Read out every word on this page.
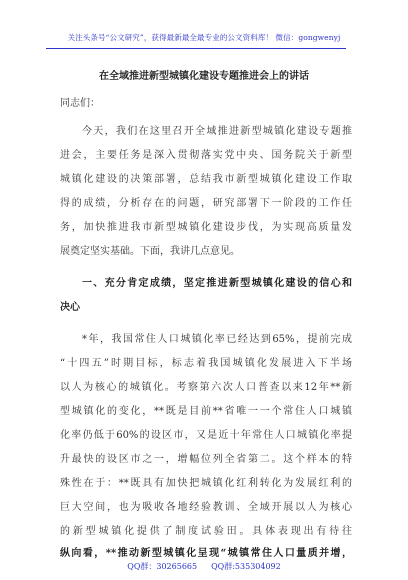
关注头条号“公文研究”，获得最新最全最专业的公文资料库！ 微信：gongwenyj
在全域推进新型城镇化建设专题推进会上的讲话
同志们：
今天，我们在这里召开全域推进新型城镇化建设专题推
进会，主要任务是深入贯彻落实党中央、国务院关于新型
城镇化建设的决策部署，总结我市新型城镇化建设工作取
得的成绩，分析存在的问题，研究部署下一阶段的工作任
务，加快推进我市新型城镇化建设步伐，为实现高质量发
展奠定坚实基础。下面，我讲几点意见。
一、充分肯定成绩，坚定推进新型城镇化建设的信心和
决心
*年，我国常住人口城镇化率已经达到65%，提前完成
“十四五”时期目标，标志着我国城镇化发展进入下半场
以人为核心的城镇化。考察第六次人口普查以来12年**新
型城镇化的变化，**既是目前**省唯一一个常住人口城镇
化率仍低于60%的设区市，又是近十年常住人口城镇化率提
升最快的设区市之一，增幅位列全省第二。这个样本的特
殊性在于：**既具有加快把城镇化红利转化为发展红利的
巨大空间，也为吸收各地经验教训、全域开展以人为核心
的新型城镇化提供了制度试验田。具体表现出有待往
纵向看，**推动新型城镇化呈现“城镇常住人口量质并增，
QQ群：30265665 QQ群:535304092
